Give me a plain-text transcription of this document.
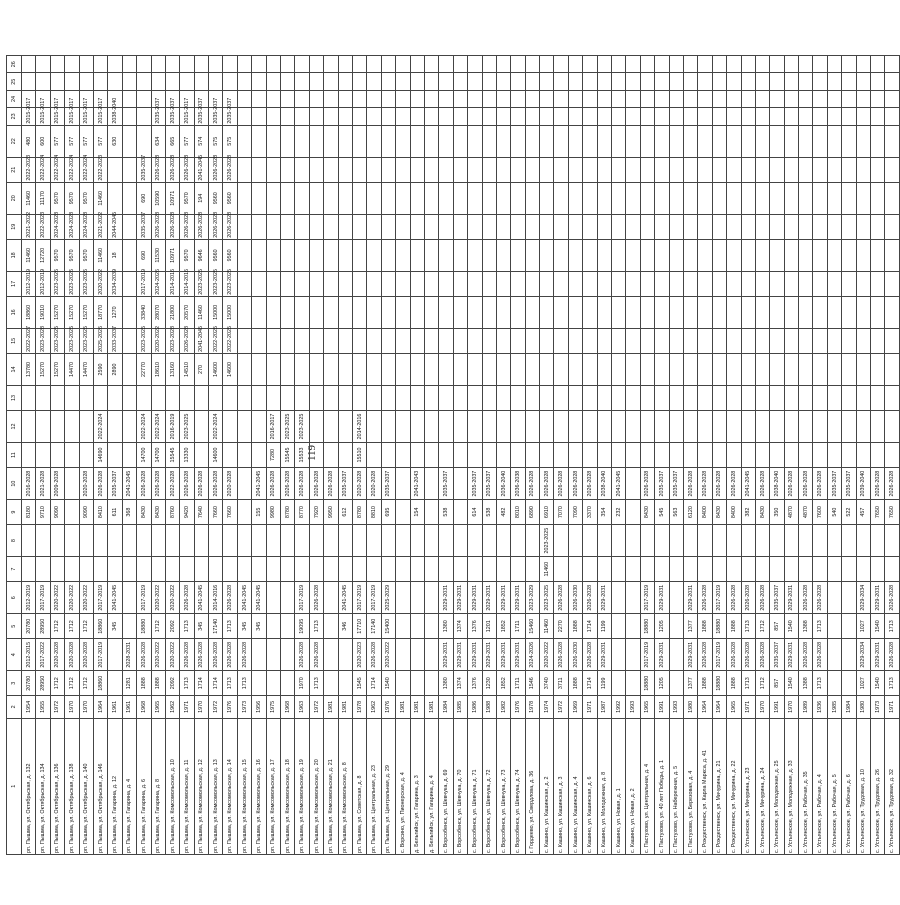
119
1	2	3	4	5	6	7	8	9	10	11	12	13	14	15	16	17	18	19	20	21	22	23	24	25	26
рп. Пышма, ул. Октябрьская, д. 132	1954	20780	2012-2015	20780	2012-2019			8180	2016-2028				13780	2022-2027	18860	2012-2019	11460	2021-2022	11460	2022-2023	480	2015-2017			
рп. Пышма, ул. Октябрьская, д. 134	1955	28950	2017-2022	28950	2017-2019			9710	2021-2028				15270	2023-2028	19010	2012-2019	12720	2022-2023	11170	2022-2024	600	2015-2017			
рп. Пышма, ул. Октябрьская, д. 136	1972	1712	2020-2028	1712	2020-2022			9090	2009-2028				15270	2023-2025	15270	2023-2026	9570	2024-2028	9570	2022-2024	577	2015-2017			
рп. Пышма, ул. Октябрьская, д. 138	1970	1712	2020-2028	1712	2020-2022								14470	2023-2025	15270	2023-2026	9570	2024-2028	9570	2022-2024	577	2015-2017			
рп. Пышма, ул. Октябрьская, д. 140	1970	1712	2020-2028	1712	2020-2022			9090	2020-2028				14470	2023-2025	15270	2023-2026	9570	2024-2028	9570	2022-2024	577	2015-2017			
рп. Пышма, ул. Октябрьская, д. 146	1964	18860	2017-2019	18860	2017-2019			8410	2026-2028	14690	2022-2024		2590	2025-2026	18770	2020-2022	11460	2021-2022	11460	2022-2023	577	2015-2017			
рп. Пышма, ул. Гагарина, д. 12	1961			345	2041-2045			611	2035-2037				2890	2033-2037	1270	2034-2039	18	2044-2045			630	2038-2040			
рп. Пышма, ул. Гагарина, д. 4	1961	1281	2028-2031					368	2041-2045																
рп. Пышма, ул. Гагарина, д. 6	1968	1888	2026-2028	18880	2017-2019			8430	2026-2028	14700	2022-2024		22770	2023-2025	33840	2017-2019	690	2035-2037	690	2035-2037					
рп. Пышма, ул. Гагарина, д. 8	1965	1888	2020-2022	1712	2020-2022			8430	2026-2028	14700	2022-2024		18610	2020-2022	28070	2024-2026	11530	2026-2028	10590	2026-2028	634	2035-2037			
рп. Пышма, ул. Комсомольская, д. 10	1962	2092	2020-2022	2092	2020-2022			8760	2022-2028	15545	2016-2019		13160	2023-2028	21800	2014-2016	10971	2026-2028	10971	2026-2028	665	2035-2037			
рп. Пышма, ул. Комсомольская, д. 11	1971	1713	2026-2028	1713	2026-2028			9420	2026-2028	13330	2023-2025		14510	2026-2028	20570	2014-2016	9570	2026-2028	9570	2026-2028	577	2015-2017			
рп. Пышма, ул. Комсомольская, д. 12	1970	1714	2026-2028	345	2041-2045			7640	2026-2028				270	2041-2045	11460	2023-2025	9646	2026-2028	194	2041-2045	574	2035-2037			
рп. Пышма, ул. Комсомольская, д. 13	1972	1714	2026-2028	17140	2014-2016			7660	2026-2028	14600	2022-2024		14600	2022-2025	15000	2023-2025	9560	2026-2028	9560	2026-2028	575	2035-2037			
рп. Пышма, ул. Комсомольская, д. 14	1976	1713	2026-2028	1713	2026-2028			7660	2020-2028				14600	2022-2025	15000	2023-2025	9560	2026-2028	9560	2026-2028	575	2035-2037			
рп. Пышма, ул. Комсомольская, д. 15	1973	1713	2026-2028	345	2041-2045																				
рп. Пышма, ул. Комсомольская, д. 16	1956			345	2041-2045			155	2041-2045																
рп. Пышма, ул. Комсомольская, д. 17	1975							9980	2026-2028	7280	2016-2017														
рп. Пышма, ул. Комсомольская, д. 18	1968							8780	2026-2028	15545	2023-2025														
рп. Пышма, ул. Комсомольская, д. 19	1963	1970	2026-2028	19095	2017-2019			8770	2026-2028	15533	2023-2025														
рп. Пышма, ул. Комсомольская, д. 20	1972	1713	2026-2028	1713	2026-2028			7920	2026-2028																
рп. Пышма, ул. Комсомольская, д. 21	1981							9950	2026-2028																
рп. Пышма, ул. Комсомольская, д. 8	1981			346	2041-2045			612	2035-2037																
рп. Пышма, ул. Советская, д. 8	1978	1545	2020-2023	17710	2017-2019			8780	2020-2028	15510	2014-2016														
рп. Пышма, ул. Центральная, д. 23	1962	1714	2026-2028	17140	2017-2019			8810	2020-2028																
рп. Пышма, ул. Центральная, д. 29	1976	1540	2020-2022	15400	2025-2029			695	2035-2037																
с. Ворсино, ул. Пионерская, д. 4	1981																								
д. Бельгийск, ул. Гагарина, д. 3	1981							154	2041-2043																
д. Бельгийск, ул. Гагарина, д. 4	1981																								
с. Ворсобенск, ул. Шевчука, д. 69	1984	1380	2029-2031	1380	2029-2031			538	2035-2037																
с. Ворсобенск, ул. Шевчука, д. 70	1985	1374	2029-2031	1374	2029-2031																				
с. Ворсобенск, ул. Шевчука, д. 71	1986	1376	2029-2031	1376	2029-2031			614	2035-2037																
с. Ворсобенск, ул. Шевчука, д. 72	1988	1230	2029-2031	1201	2029-2031			538	2035-2037																
с. Ворсобенск, ул. Шевчука, д. 73	1982	1852	2029-2031	1852	2029-2031			482	2036-2040																
с. Ворсобенск, ул. Шевчука, д. 74	1976	1711	2029-2031	1711	2029-2031			8010	2036-2038																
г. Гордеево, ул. Свердлова, д. 36	1978	1546	2024-2026	15460	2023-2029			6890	2026-2028																
с. Кашино, ул. Кашинская, д. 2	1974	3740	2020-2022	11460	2023-2025	11460	2023-2025	6910	2026-2028																
с. Кашино, ул. Кашинская, д. 3	1972	3711	2026-2028	2270	2026-2028			7070	2026-2028																
с. Кашино, ул. Кашинская, д. 4	1969	1888	2026-2030	1888	2026-2030			7090	2026-2028																
с. Кашино, ул. Кашинская, д. 6	1971	1714	2026-2028	1714	2026-2028			3370	2026-2028																
с. Кашино, ул. Молодежная, д. 8	1987	1199	2029-2031	1199	2029-2031			354	2038-2040																
с. Кашино, ул. Новая, д. 1	1992							232	2041-2045																
с. Кашино, ул. Новая, д. 2	1993																								
с. Пастухово, ул. Центральная, д. 4	1965	18880	2017-2019	18880	2017-2019			8430	2026-2028																
с. Пастухово, ул. 40 лет Победы, д. 1	1991	1205	2029-2031	1205	2029-2031			545	2035-2037																
с. Пастухово, ул. Набережная, д. 5	1993							563	2035-2037																
с. Пастухово, ул. Березовая, д. 4	1980	1377	2029-2031	1377	2029-2031			6120	2026-2028																
с. Рождественск, ул. Карла Маркса, д. 41	1964	1888	2026-2028	1888	2026-2028			8400	2026-2028																
с. Рождественск, ул. Мичурина, д. 21	1964	18880	2017-2019	18880	2017-2019			8430	2026-2028																
с. Рождественск, ул. Мичурина, д. 22	1965	1888	2026-2028	1888	2026-2028			8400	2026-2028																
с. Устьянское, ул. Мичурина, д. 23	1971	1713	2026-2028	1713	2026-2028			382	2041-2045																
с. Устьянское, ул. Мичурина, д. 24	1970	1712	2026-2028	1712	2026-2028			8430	2026-2028																
с. Устьянское, ул. Молодежная, д. 25	1991	857	2035-2037	857	2035-2037			350	2038-2040																
с. Устьянское, ул. Молодежная, д. 33	1970	1540	2029-2031	1540	2029-2031			4870	2026-2028																
с. Устьянское, ул. Рабочая, д. 35	1989	1388	2026-2028	1388	2026-2028			4870	2026-2028																
с. Устьянское, ул. Рабочая, д. 4	1936	1713	2026-2028	1713	2026-2028			7600	2026-2028																
с. Устьянское, ул. Рабочая, д. 5	1985							540	2035-2037																
с. Устьянское, ул. Рабочая, д. 6	1984							522	2035-2037																
с. Устьянское, ул. Трудовая, д. 10	1980	1027	2029-2034	1027	2029-2034			457	2039-2040																
с. Устьянское, ул. Трудовая, д. 26	1973	1540	2029-2031	1540	2029-2031			7650	2026-2028																
с. Устьянское, ул. Трудовая, д. 32	1971	1713	2026-2028	1713	2026-2028			7650	2026-2028																
